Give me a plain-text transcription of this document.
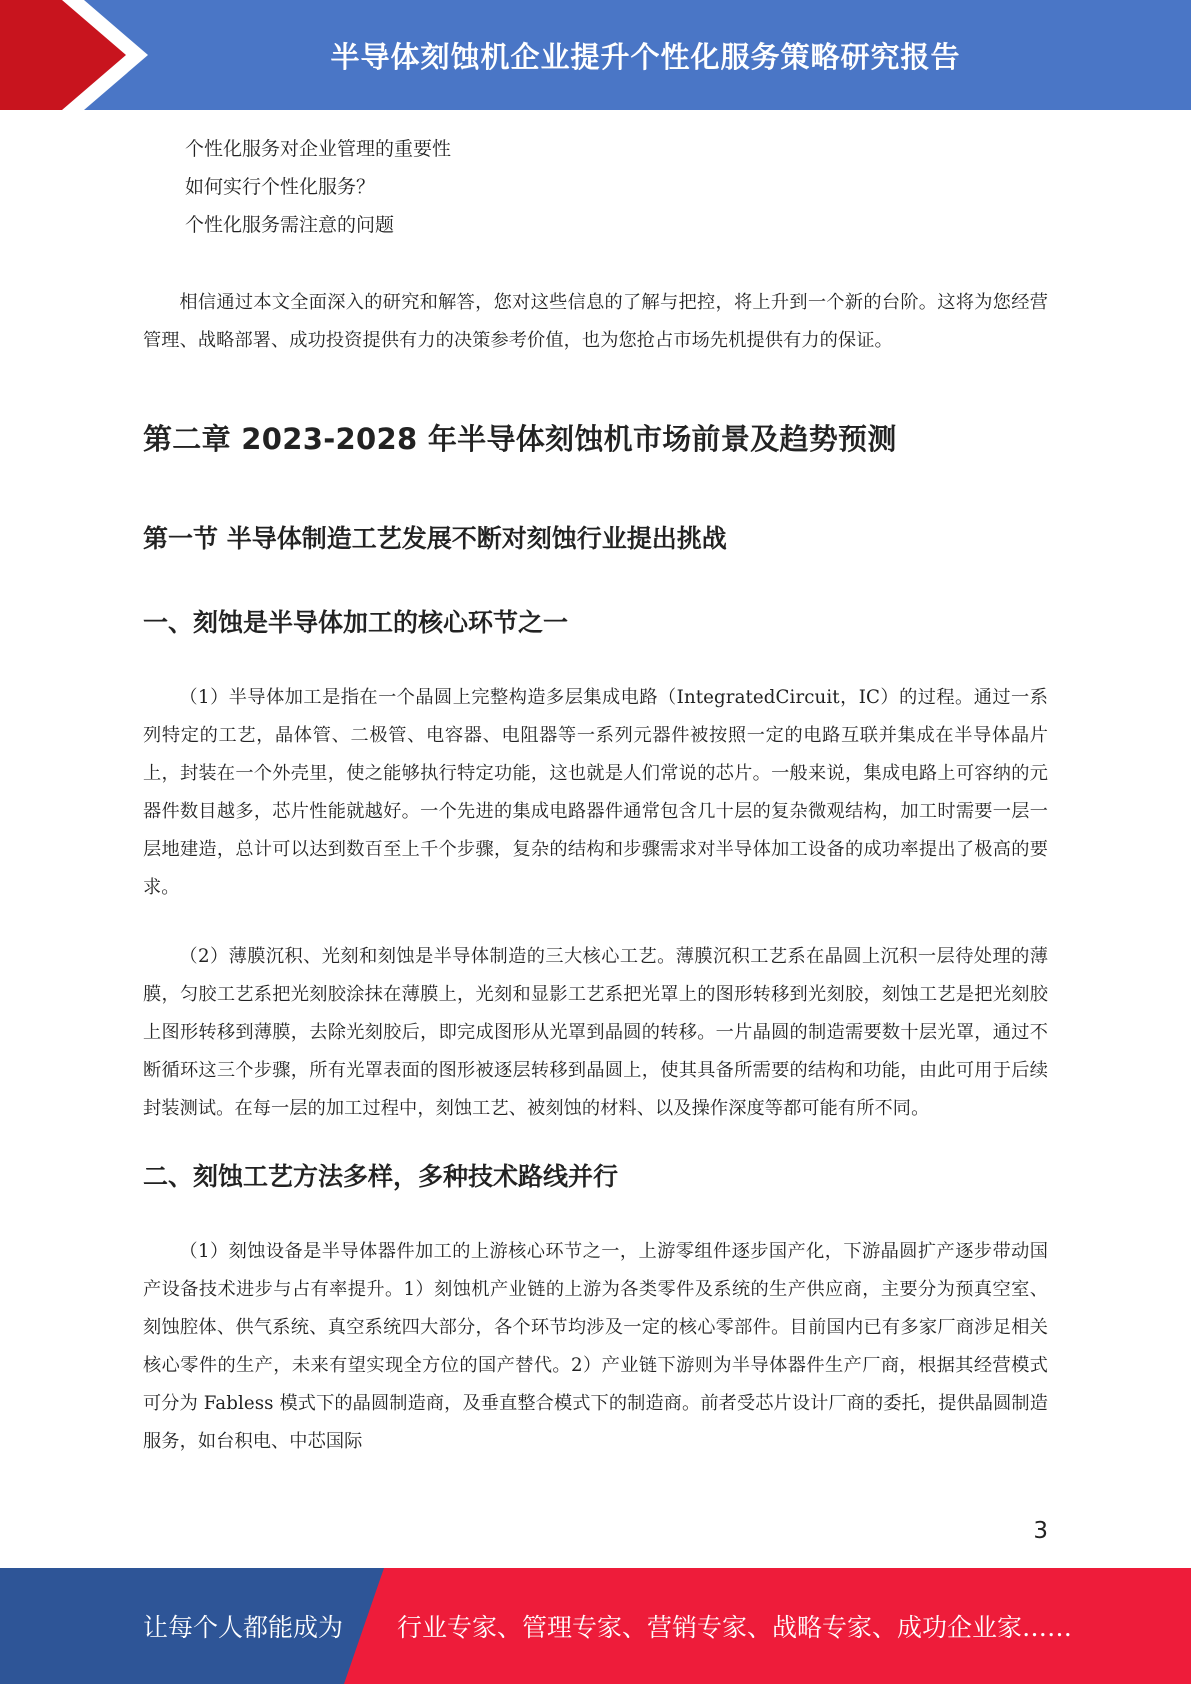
半导体刻蚀机企业提升个性化服务策略研究报告

个性化服务对企业管理的重要性

如何实行个性化服务？

个性化服务需注意的问题

相信通过本文全面深入的研究和解答，您对这些信息的了解与把控，将上升到一个新的台阶。这将为您经营管理、战略部署、成功投资提供有力的决策参考价值，也为您抢占市场先机提供有力的保证。

第二章 2023-2028 年半导体刻蚀机市场前景及趋势预测
第一节 半导体制造工艺发展不断对刻蚀行业提出挑战
一、刻蚀是半导体加工的核心环节之一

（1）半导体加工是指在一个晶圆上完整构造多层集成电路（IntegratedCircuit，IC）的过程。通过一系列特定的工艺，晶体管、二极管、电容器、电阻器等一系列元器件被按照一定的电路互联并集成在半导体晶片上，封装在一个外壳里，使之能够执行特定功能，这也就是人们常说的芯片。一般来说，集成电路上可容纳的元器件数目越多，芯片性能就越好。一个先进的集成电路器件通常包含几十层的复杂微观结构，加工时需要一层一层地建造，总计可以达到数百至上千个步骤，复杂的结构和步骤需求对半导体加工设备的成功率提出了极高的要求。

（2）薄膜沉积、光刻和刻蚀是半导体制造的三大核心工艺。薄膜沉积工艺系在晶圆上沉积一层待处理的薄膜，匀胶工艺系把光刻胶涂抹在薄膜上，光刻和显影工艺系把光罩上的图形转移到光刻胶，刻蚀工艺是把光刻胶上图形转移到薄膜，去除光刻胶后，即完成图形从光罩到晶圆的转移。一片晶圆的制造需要数十层光罩，通过不断循环这三个步骤，所有光罩表面的图形被逐层转移到晶圆上，使其具备所需要的结构和功能，由此可用于后续封装测试。在每一层的加工过程中，刻蚀工艺、被刻蚀的材料、以及操作深度等都可能有所不同。

二、刻蚀工艺方法多样，多种技术路线并行

（1）刻蚀设备是半导体器件加工的上游核心环节之一，上游零组件逐步国产化，下游晶圆扩产逐步带动国产设备技术进步与占有率提升。1）刻蚀机产业链的上游为各类零件及系统的生产供应商，主要分为预真空室、刻蚀腔体、供气系统、真空系统四大部分，各个环节均涉及一定的核心零部件。目前国内已有多家厂商涉足相关核心零件的生产，未来有望实现全方位的国产替代。2）产业链下游则为半导体器件生产厂商，根据其经营模式可分为 Fabless 模式下的晶圆制造商，及垂直整合模式下的制造商。前者受芯片设计厂商的委托，提供晶圆制造服务，如台积电、中芯国际

3
让每个人都能成为 行业专家、管理专家、营销专家、战略专家、成功企业家……
